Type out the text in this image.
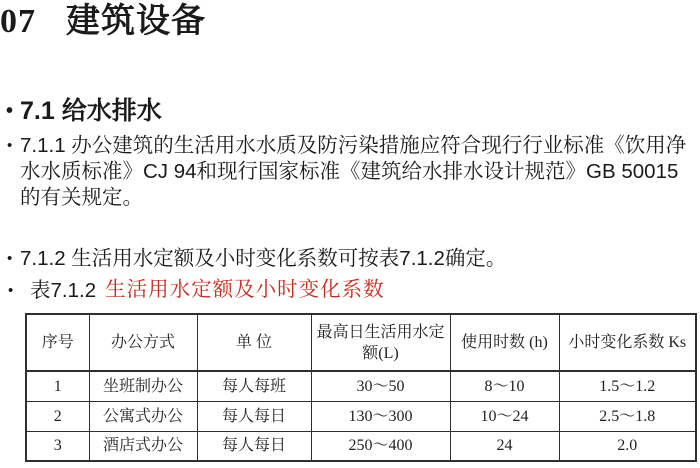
07 建筑设备
• 7.1 给水排水
• 7.1.1 办公建筑的生活用水水质及防污染措施应符合现行行业标准《饮用净水水质标准》CJ 94和现行国家标准《建筑给水排水设计规范》GB 50015的有关规定。
• 7.1.2 生活用水定额及小时变化系数可按表7.1.2确定。
• 表7.1.2 生活用水定额及小时变化系数
序号	办公方式	单 位	最高日生活用水定额(L)	使用时数 (h)	小时变化系数 Ks
1	坐班制办公	每人每班	30～50	8～10	1.5～1.2
2	公寓式办公	每人每日	130～300	10～24	2.5～1.8
3	酒店式办公	每人每日	250～400	24	2.0
